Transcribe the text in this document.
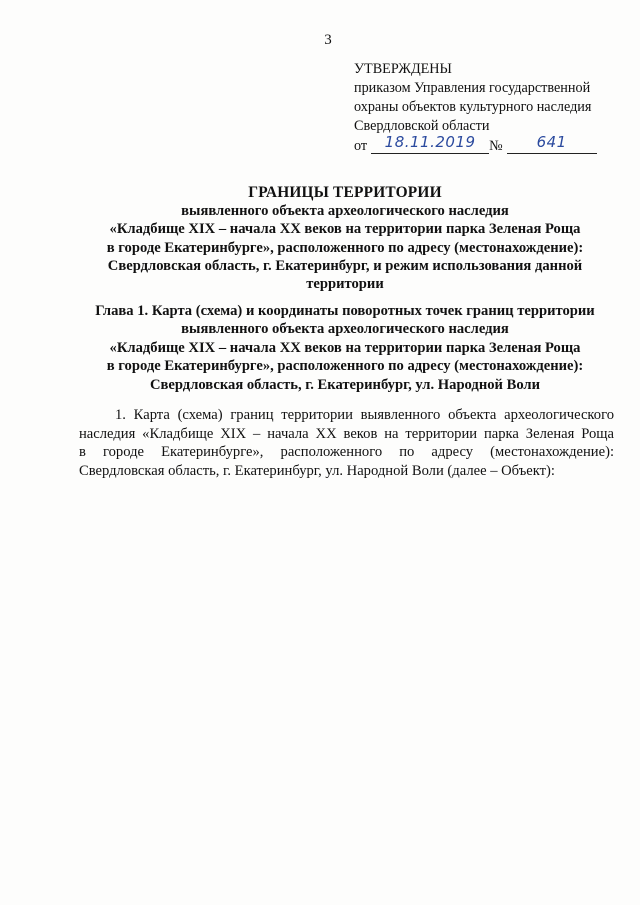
3
УТВЕРЖДЕНЫ
приказом Управления государственной
охраны объектов культурного наследия
Свердловской области
от	18.11.2019 №	641
ГРАНИЦЫ ТЕРРИТОРИИ
выявленного объекта археологического наследия
«Кладбище XIX – начала XX веков на территории парка Зеленая Роща
в городе Екатеринбурге», расположенного по адресу (местонахождение):
Свердловская область, г. Екатеринбург, и режим использования данной
территории
Глава 1. Карта (схема) и координаты поворотных точек границ территории
выявленного объекта археологического наследия
«Кладбище XIX – начала XX веков на территории парка Зеленая Роща
в городе Екатеринбурге», расположенного по адресу (местонахождение):
Свердловская область, г. Екатеринбург, ул. Народной Воли
1. Карта (схема) границ территории выявленного объекта археологического
наследия «Кладбище XIX – начала XX веков на территории парка Зеленая Роща
в городе Екатеринбурге», расположенного по адресу (местонахождение):
Свердловская область, г. Екатеринбург, ул. Народной Воли (далее – Объект):
